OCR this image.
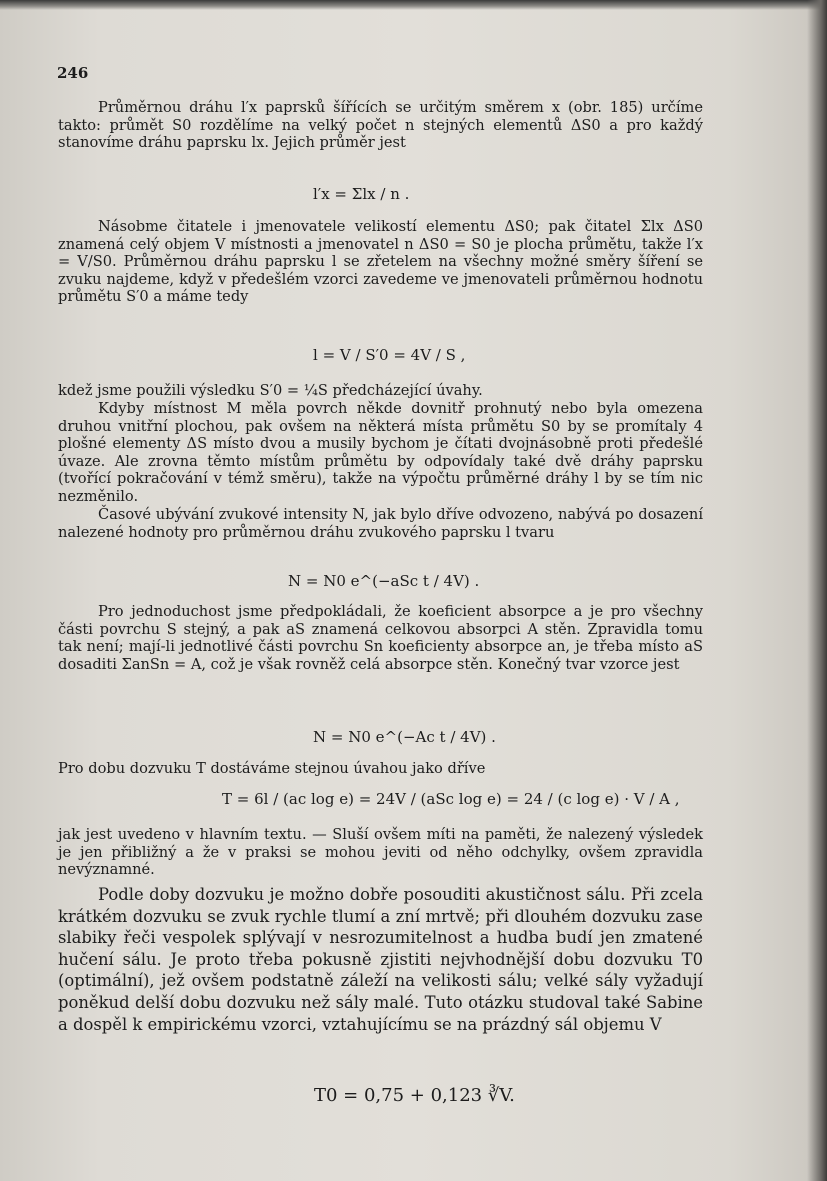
246
Průměrnou dráhu l′x paprsků šířících se určitým směrem x (obr. 185) určíme takto: průmět S0 rozdělíme na velký počet n stejných elementů ΔS0 a pro každý stanovíme dráhu paprsku lx. Jejich průměr jest
l′x = Σlx / n .
Násobme čitatele i jmenovatele velikostí elementu ΔS0; pak čitatel Σlx ΔS0 znamená celý objem V místnosti a jmenovatel n ΔS0 = S0 je plocha průmětu, takže l′x = V/S0. Průměrnou dráhu paprsku l se zřetelem na všechny možné směry šíření se zvuku najdeme, když v předešlém vzorci zavedeme ve jmenovateli průměrnou hodnotu průmětu S′0 a máme tedy
l = V / S′0 = 4V / S ,
kdež jsme použili výsledku S′0 = ¼S předcházející úvahy.
Kdyby místnost M měla povrch někde dovnitř prohnutý nebo byla omezena druhou vnitřní plochou, pak ovšem na některá místa průmětu S0 by se promítaly 4 plošné elementy ΔS místo dvou a musily bychom je čítati dvojnásobně proti předešlé úvaze. Ale zrovna těmto místům průmětu by odpovídaly také dvě dráhy paprsku (tvořící pokračování v témž směru), takže na výpočtu průměrné dráhy l by se tím nic nezměnilo.
Časové ubývání zvukové intensity N, jak bylo dříve odvozeno, nabývá po dosazení nalezené hodnoty pro průměrnou dráhu zvukového paprsku l tvaru
N = N0 e^(−aSc t / 4V) .
Pro jednoduchost jsme předpokládali, že koeficient absorpce a je pro všechny části povrchu S stejný, a pak aS znamená celkovou absorpci A stěn. Zpravidla tomu tak není; mají-li jednotlivé části povrchu Sn koeficienty absorpce an, je třeba místo aS dosaditi ΣanSn = A, což je však rovněž celá absorpce stěn. Konečný tvar vzorce jest
N = N0 e^(−Ac t / 4V) .
Pro dobu dozvuku T dostáváme stejnou úvahou jako dříve
T = 6l / (ac log e) = 24V / (aSc log e) = 24 / (c log e) · V / A ,
jak jest uvedeno v hlavním textu. — Sluší ovšem míti na paměti, že nalezený výsledek je jen přibližný a že v praksi se mohou jeviti od něho odchylky, ovšem zpravidla nevýznamné.
Podle doby dozvuku je možno dobře posouditi akustičnost sálu. Při zcela krátkém dozvuku se zvuk rychle tlumí a zní mrtvě; při dlouhém dozvuku zase slabiky řeči vespolek splývají v nesrozumitelnost a hudba budí jen zmatené hučení sálu. Je proto třeba pokusně zjistiti nejvhodnější dobu dozvuku T0 (optimální), jež ovšem podstatně záleží na velikosti sálu; velké sály vyžadují poněkud delší dobu dozvuku než sály malé. Tuto otázku studoval také Sabine a dospěl k empirickému vzorci, vztahujícímu se na prázdný sál objemu V
T0 = 0,75 + 0,123 ∛V.
